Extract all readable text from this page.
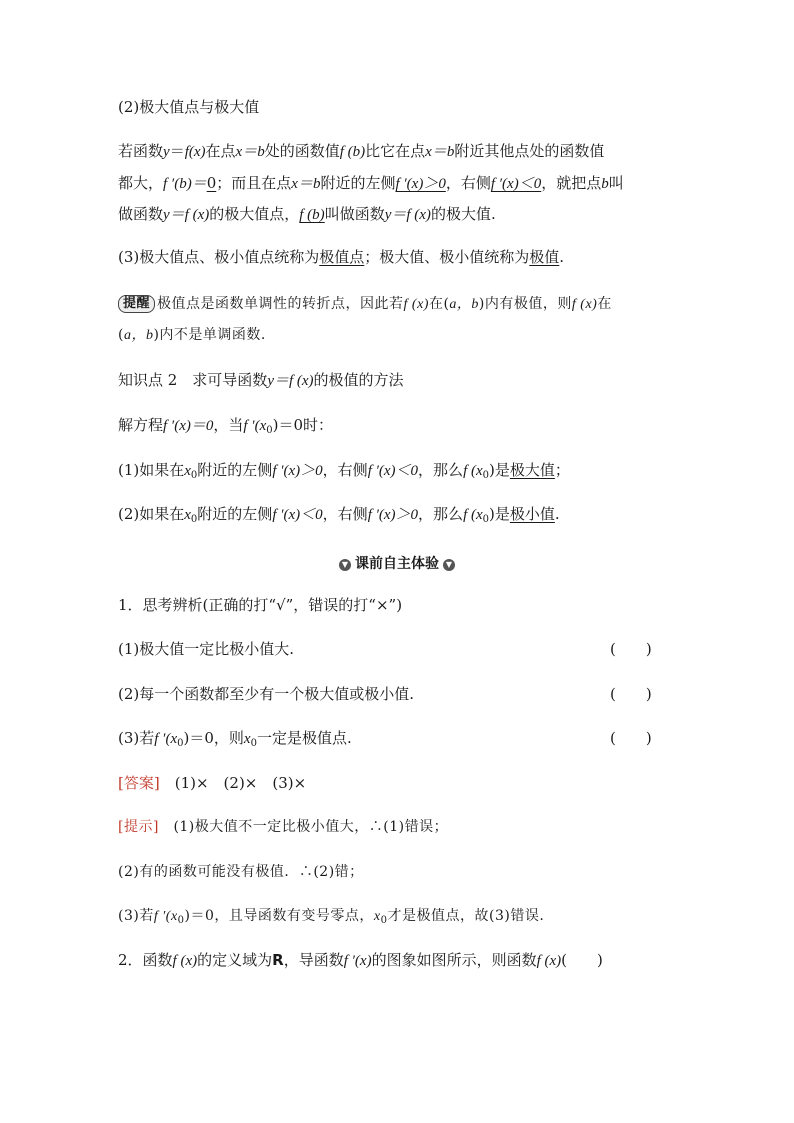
(2)极大值点与极大值
若函数y＝f(x)在点x＝b处的函数值f (b)比它在点x＝b附近其他点处的函数值
都大，f ′(b)＝0；而且在点x＝b附近的左侧f ′(x)＞0，右侧f ′(x)＜0，就把点b叫
做函数y＝f (x)的极大值点，f (b)叫做函数y＝f (x)的极大值.
(3)极大值点、极小值点统称为极值点；极大值、极小值统称为极值.
提醒 极值点是函数单调性的转折点，因此若f (x)在(a，b)内有极值，则f (x)在
(a，b)内不是单调函数.
知识点 2　求可导函数y＝f (x)的极值的方法
解方程f ′(x)＝0，当f $'(x_0)=0$时：
(1)如果在$x_0$附近的左侧f ′(x)＞0，右侧f ′(x)＜0，那么f $(x_0)$是极大值；
(2)如果在$x_0$附近的左侧f ′(x)＜0，右侧f ′(x)＞0，那么f $(x_0)$是极小值.
▼ 课前自主体验 ▼
1．思考辨析(正确的打“√”，错误的打“×”)
(1)极大值一定比极小值大.	(　　)
(2)每一个函数都至少有一个极大值或极小值.	(　　)
(3)若f $'(x_0)=0$，则$x_0$一定是极值点.	(　　)
[答案]　 (1)×　(2)×　(3)×
[提示]　 (1)极大值不一定比极小值大，∴(1)错误；
(2)有的函数可能没有极值．∴(2)错；
(3)若f $'(x_0)=0$，且导函数有变号零点，$x_0$才是极值点，故(3)错误.
2．函数f (x)的定义域为R，导函数f ′(x)的图象如图所示，则函数f (x)(　　)
